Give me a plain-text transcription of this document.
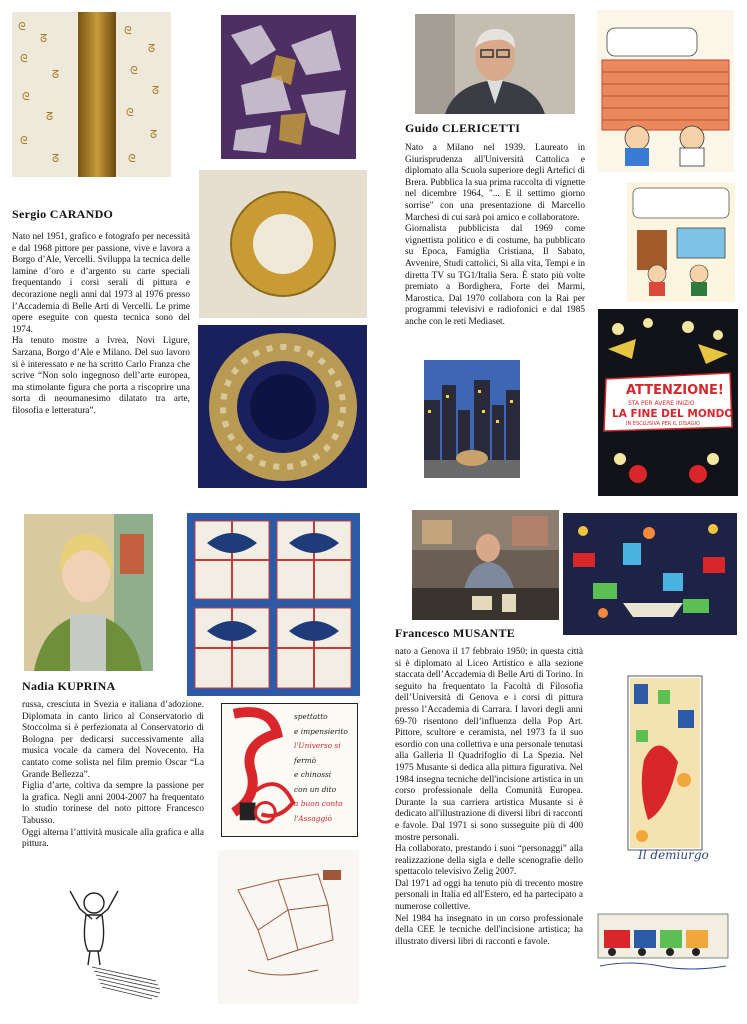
ᘓ
ᘔ
ᘓ
ᘔ
ᘓ
ᘔ
ᘓ
ᘔ
ᘓ
ᘔ
ᘓ
ᘔ
ᘓ
ᘔ
ᘓ
Sergio CARANDO
Nato nel 1951, grafico e fotografo per necessità e dal 1968 pittore per passione, vive e lavora a Borgo d’Ale, Vercelli. Sviluppa la tecnica delle lamine d’oro e d’argento su carte speciali frequentando i corsi serali di pittura e decorazione negli anni dal 1973 al 1976 presso l’Accademia di Belle Arti di Vercelli. Le prime opere eseguite con questa tecnica sono del 1974.
Ha tenuto mostre a Ivrea, Novi Ligure, Sarzana, Borgo d’Ale e Milano. Del suo lavoro si è interessato e ne ha scritto Carlo Franza che scrive “Non solo ingegnoso dell’arte europea, ma stimolante figura che porta a riscoprire una sorta di neoumanesimo dilatato tra arte, filosofia e letteratura”.
Guido CLERICETTI
Nato a Milano nel 1939. Laureato in Giurisprudenza all'Università Cattolica e diplomato alla Scuola superiore degli Artefici di Brera. Pubblica la sua prima raccolta di vignette nel dicembre 1964, "... E il settimo giorno sorrise" con una presentazione di Marcello Marchesi di cui sarà poi amico e collaboratore.
Giornalista pubblicista dal 1969 come vignettista politico e di costume, ha pubblicato su Epoca, Famiglia Cristiana, Il Sabato, Avvenire, Studi cattolici, Si alla vita, Tempi e in diretta TV su TG1/Italia Sera. È stato più volte premiato a Bordighera, Forte dei Marmi, Marostica. Dal 1970 collabora con la Rai per programmi televisivi e radiofonici e dal 1985 anche con le reti Mediaset.
ATTENZIONE!
STA PER AVERE INIZIO
LA FINE DEL MONDO
IN ESCLUSIVA PER IL DISAGIO
Nadia KUPRINA
russa, cresciuta in Svezia e italiana d’adozione. Diplomata in canto lirico al Conservatorio di Stoccolma si è perfezionata al Conservatorio di Bologna per dedicarsi successivamente alla musica vocale da camera del Novecento. Ha cantato come solista nel film premio Oscar “La Grande Bellezza”.
Figlia d’arte, coltiva da sempre la passione per la grafica. Negli anni 2004-2007 ha frequentato lo studio torinese del noto pittore Francesco Tabusso.
Oggi alterna l’attività musicale alla grafica e alla pittura.
spettatto
e impensierito
l'Universo si
fermò
e chinossi
con un dito
a buon conto
l'Assaggiò
Francesco MUSANTE
nato a Genova il 17 febbraio 1950; in questa città si è diplomato al Liceo Artistico e alla sezione staccata dell’Accademia di Belle Arti di Torino. In seguito ha frequentato la Facoltà di Filosofia dell’Università di Genova e i corsi di pittura presso l’Accademia di Carrara. I lavori degli anni 69-70 risentono dell’influenza della Pop Art. Pittore, scultore e ceramista, nel 1973 fa il suo esordio con una collettiva e una personale tenutasi alla Galleria Il Quadrifoglio di La Spezia. Nel 1975 Musante si dedica alla pittura figurativa. Nel 1984 insegna tecniche dell'incisione artistica in un corso professionale della Comunità Europea. Durante la sua carriera artistica Musante si è dedicato all'illustrazione di diversi libri di racconti e favole. Dal 1971 si sono susseguite più di 400 mostre personali.
Ha collaborato, prestando i suoi “personaggi” alla realizzazione della sigla e delle scenografie dello spettacolo televisivo Zelig 2007.
Dal 1971 ad oggi ha tenuto più di trecento mostre personali in Italia ed all'Estero, ed ha partecipato a numerose collettive.
Nel 1984 ha insegnato in un corso professionale della CEE le tecniche dell'incisione artistica; ha illustrato diversi libri di racconti e favole.
Il demiurgo
